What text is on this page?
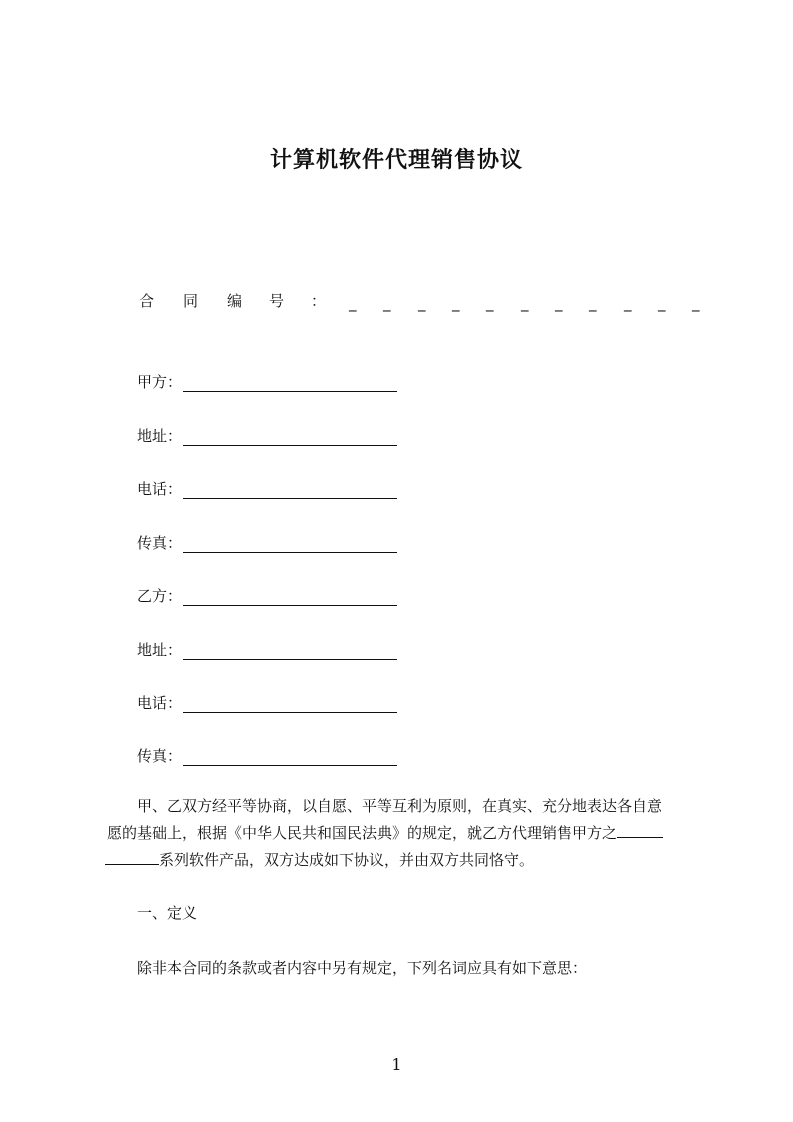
计算机软件代理销售协议
合 同 编 号 ： _ _ _ _ _ _ _ _ _ _ _
甲方：
地址：
电话：
传真：
乙方：
地址：
电话：
传真：
甲、乙双方经平等协商，以自愿、平等互利为原则，在真实、充分地表达各自意
愿的基础上，根据《中华人民共和国民法典》的规定，就乙方代理销售甲方之
系列软件产品，双方达成如下协议，并由双方共同恪守。
一、定义
除非本合同的条款或者内容中另有规定，下列名词应具有如下意思：
1
